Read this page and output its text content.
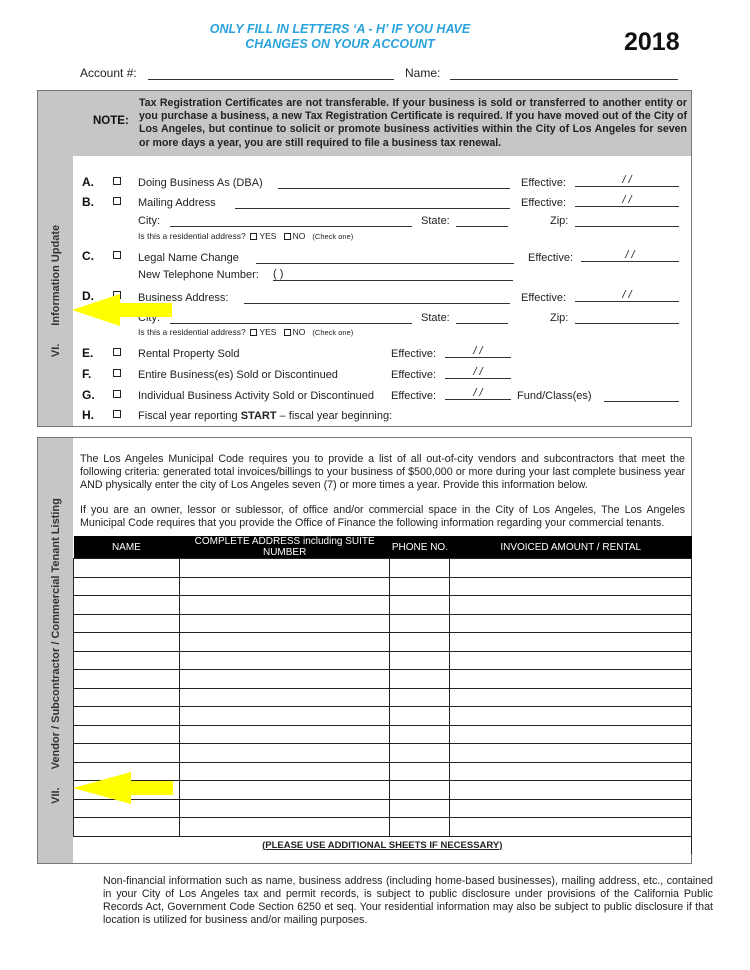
ONLY FILL IN LETTERS ‘A - H’ IF YOU HAVE
CHANGES ON YOUR ACCOUNT	2018
Account #:	Name:
NOTE:
Tax Registration Certificates are not transferable. If your business is sold or transferred to another entity or you purchase a business, a new Tax Registration Certificate is required. If you have moved out of the City of Los Angeles, but continue to solicit or promote business activities within the City of Los Angeles for seven or more days a year, you are still required to file a business tax renewal.
VI.Information Update
A.	Doing Business As (DBA)	Effective:	/ /
B.	Mailing Address	Effective:	/ /
City:	State:	Zip:
Is this a residential address? YES NO (Check one)
C.	Legal Name Change	Effective:	/ /
New Telephone Number: ( )
D.	Business Address:	Effective:	/ /
City:	State:	Zip:
Is this a residential address? YES NO (Check one)
E.	Rental Property Sold	Effective:	/ /
F.	Entire Business(es) Sold or Discontinued	Effective:	/ /
G.	Individual Business Activity Sold or Discontinued Effective:	/ /	Fund/Class(es)
H.	Fiscal year reporting START – fiscal year beginning:
VII.Vendor / Subcontractor / Commercial Tenant Listing
The Los Angeles Municipal Code requires you to provide a list of all out-of-city vendors and subcontractors that meet the following criteria: generated total invoices/billings to your business of $500,000 or more during your last complete business year AND physically enter the city of Los Angeles seven (7) or more times a year. Provide this information below.
If you are an owner, lessor or sublessor, of office and/or commercial space in the City of Los Angeles, The Los Angeles Municipal Code requires that you provide the Office of Finance the following information regarding your commercial tenants.
NAME	COMPLETE ADDRESS including SUITE NUMBER	PHONE NO.	INVOICED AMOUNT / RENTAL

(PLEASE USE ADDITIONAL SHEETS IF NECESSARY)			
Non-financial information such as name, business address (including home-based businesses), mailing address, etc., contained in your City of Los Angeles tax and permit records, is subject to public disclosure under provisions of the California Public Records Act, Government Code Section 6250 et seq. Your residential information may also be subject to public disclosure if that location is utilized for business and/or mailing purposes.
